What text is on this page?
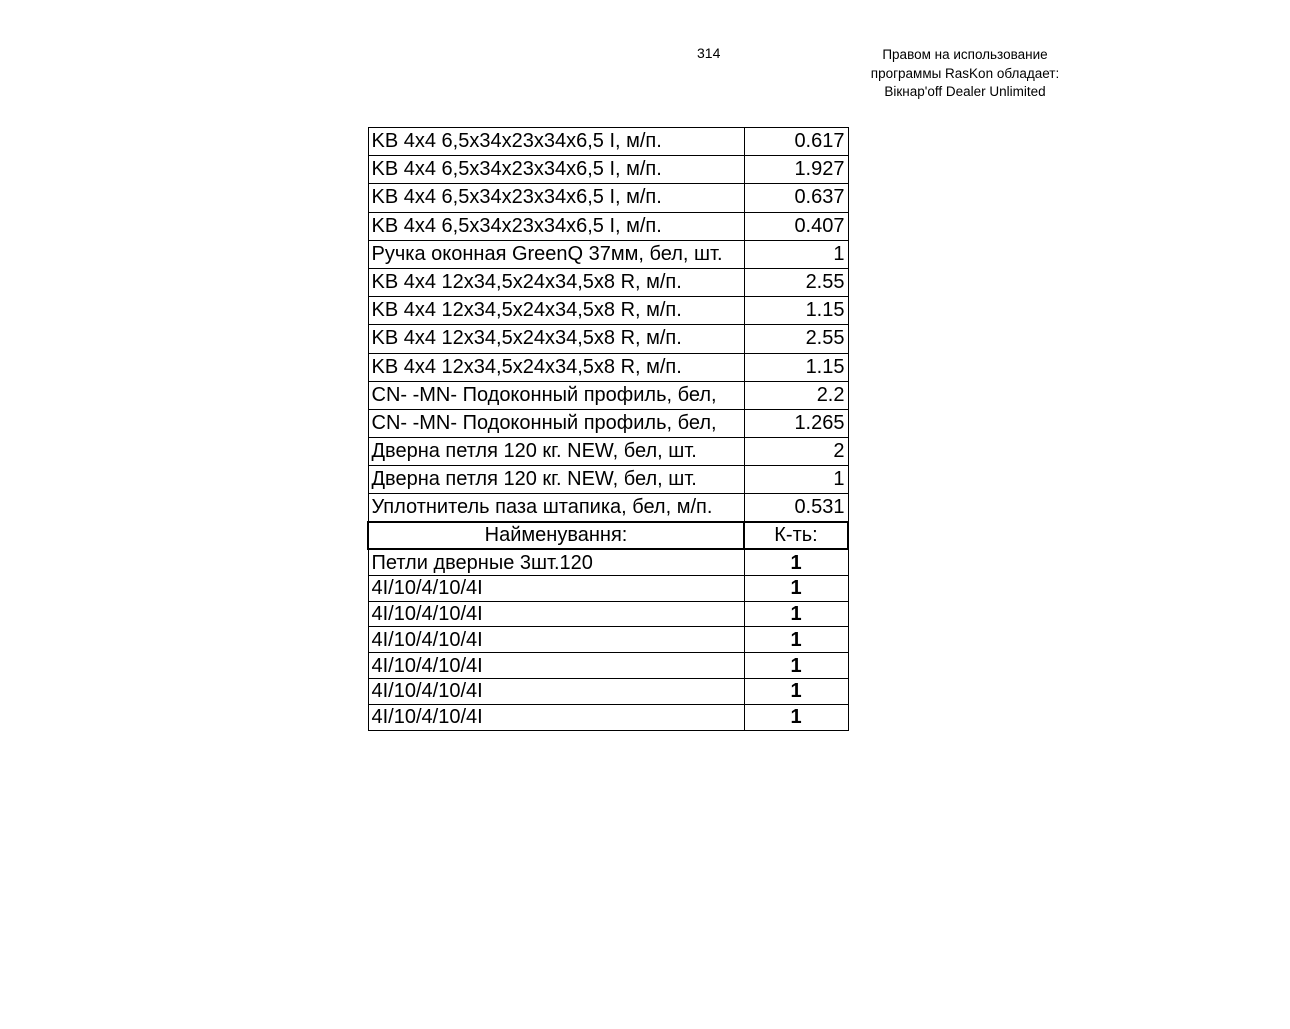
314	Правом на использование
программы RasKon обладает:
Вікнар'off Dealer Unlimited
KB 4x4 6,5x34x23x34x6,5 I, м/п.	0.617
KB 4x4 6,5x34x23x34x6,5 I, м/п.	1.927
KB 4x4 6,5x34x23x34x6,5 I, м/п.	0.637
KB 4x4 6,5x34x23x34x6,5 I, м/п.	0.407
Ручка оконная GreenQ 37мм, бел, шт.	1
KB 4x4 12x34,5x24x34,5x8 R, м/п.	2.55
KB 4x4 12x34,5x24x34,5x8 R, м/п.	1.15
KB 4x4 12x34,5x24x34,5x8 R, м/п.	2.55
KB 4x4 12x34,5x24x34,5x8 R, м/п.	1.15
CN- -MN- Подоконный профиль, бел,	2.2
CN- -MN- Подоконный профиль, бел,	1.265
Дверна петля 120 кг. NEW, бел, шт.	2
Дверна петля 120 кг. NEW, бел, шт.	1
Уплотнитель паза штапика, бел, м/п.	0.531
Найменування:	К-ть:
Петли дверные 3шт.120	1
4I/10/4/10/4I	1
4I/10/4/10/4I	1
4I/10/4/10/4I	1
4I/10/4/10/4I	1
4I/10/4/10/4I	1
4I/10/4/10/4I	1
